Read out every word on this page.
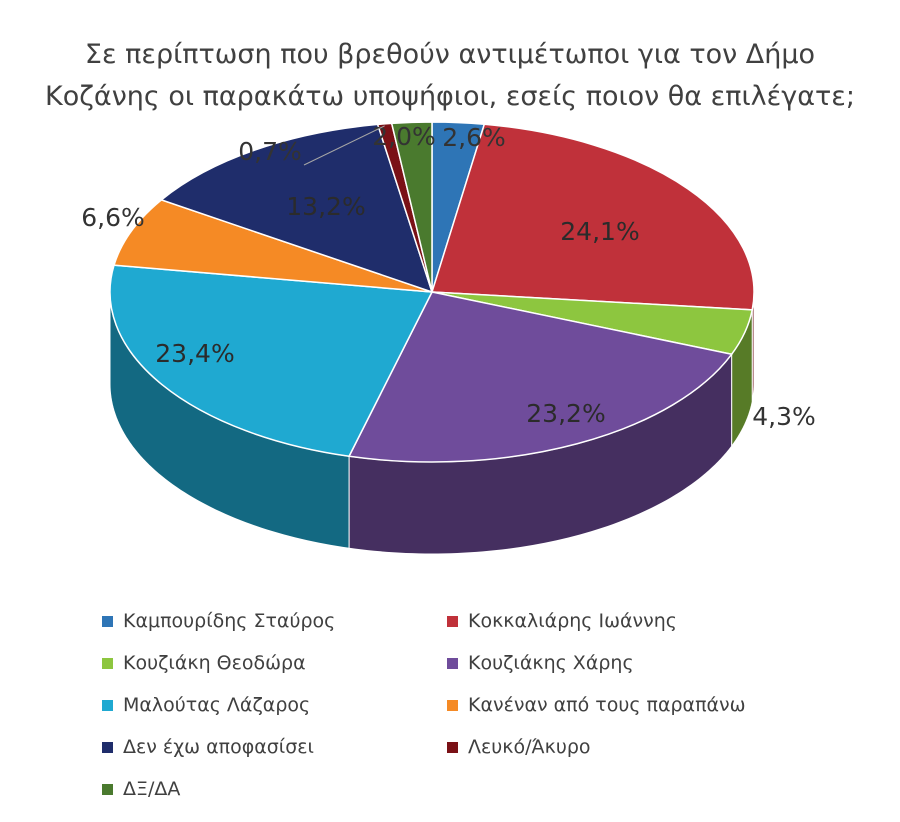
Σε περίπτωση που βρεθούν αντιμέτωποι για τον Δήμο
Κοζάνης οι παρακάτω υποψήφιοι, εσείς ποιον θα επιλέγατε;
2,6%
24,1%
4,3%
23,2%
23,4%
6,6%	13,2%
0,7%
2,0%
Καμπουρίδης Σταύρος	Κοκκαλιάρης Ιωάννης
Κουζιάκη Θεοδώρα	Κουζιάκης Χάρης
Μαλούτας Λάζαρος	Κανέναν από τους παραπάνω
Δεν έχω αποφασίσει	Λευκό/Άκυρο
ΔΞ/ΔΑ
